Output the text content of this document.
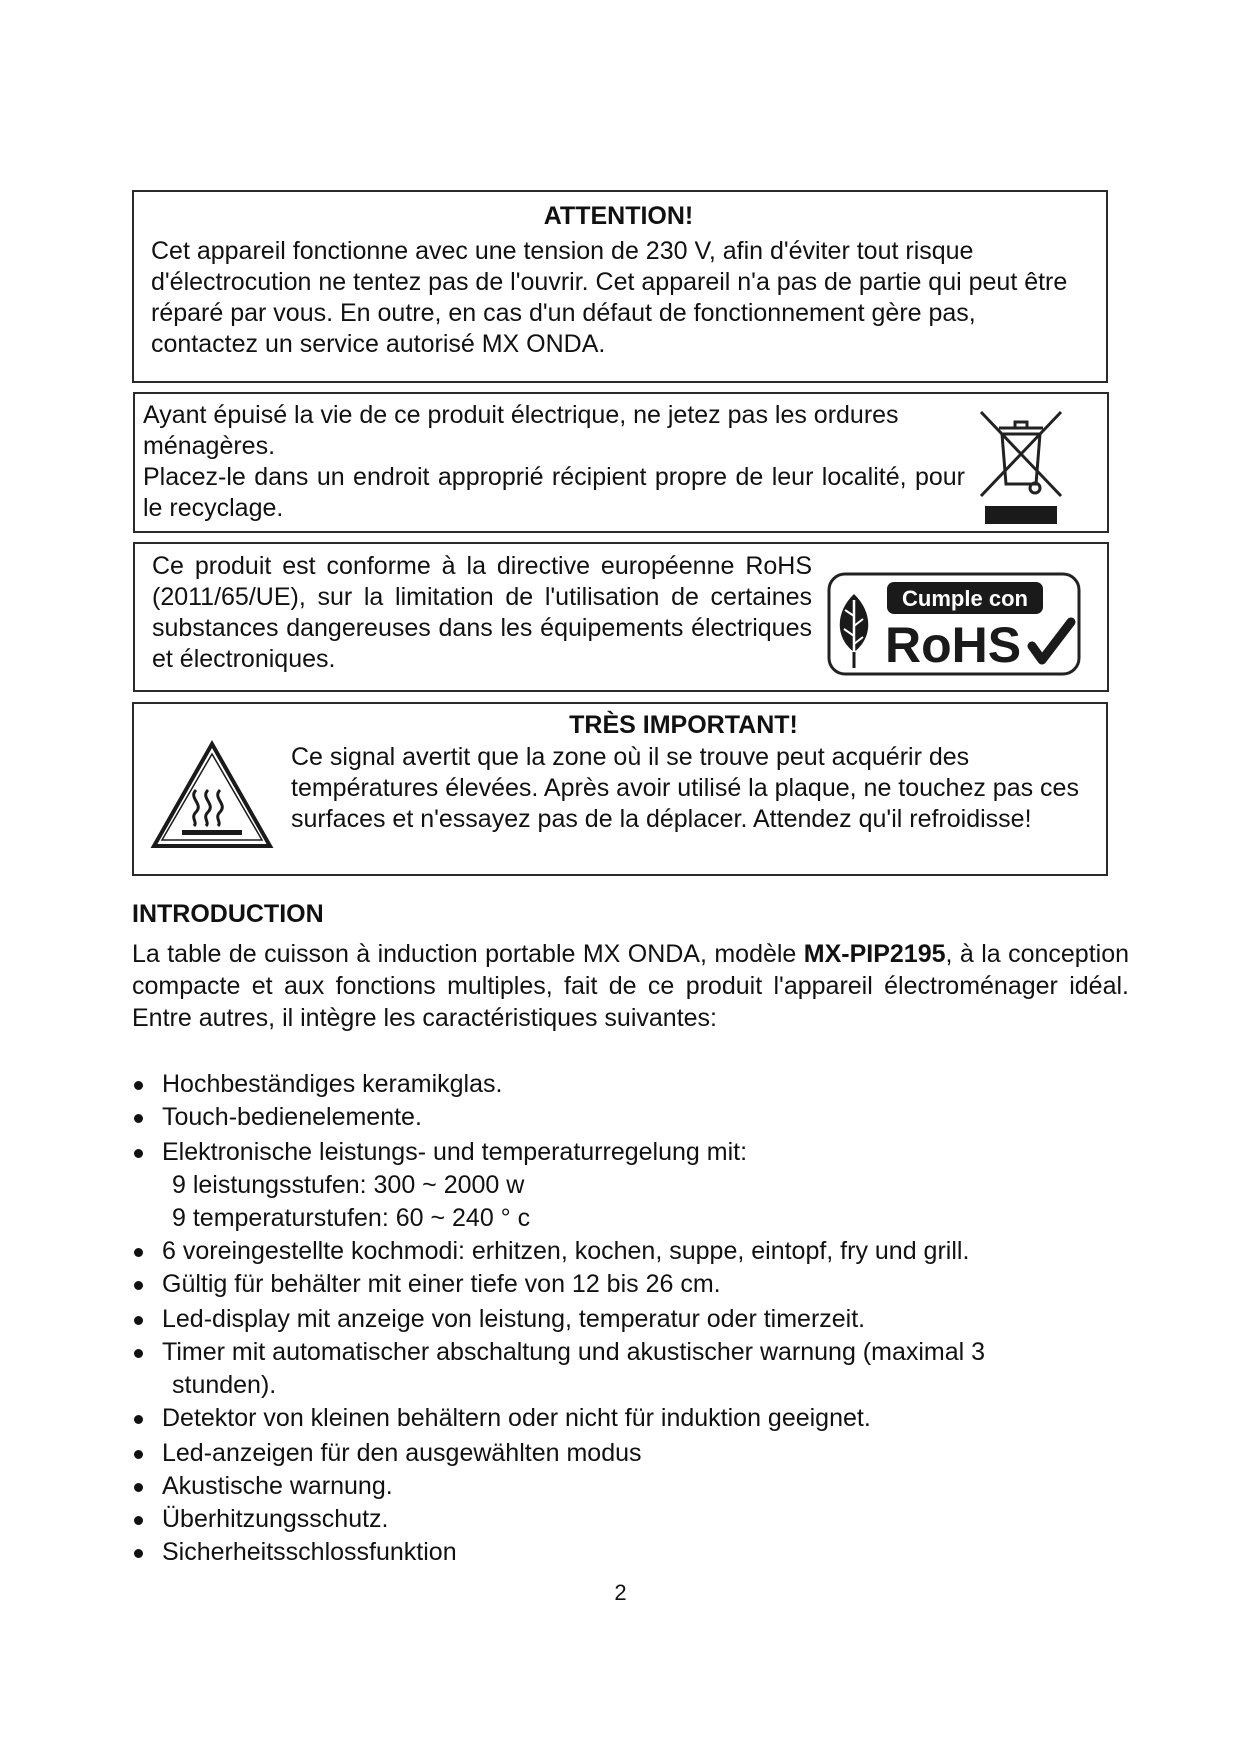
ATTENTION!

Cet appareil fonctionne avec une tension de 230 V, afin d'éviter tout risque d'électrocution ne tentez pas de l'ouvrir. Cet appareil n'a pas de partie qui peut être réparé par vous. En outre, en cas d'un défaut de fonctionnement gère pas, contactez un service autorisé MX ONDA.

Ayant épuisé la vie de ce produit électrique, ne jetez pas les ordures ménagères.

Placez-le dans un endroit approprié récipient propre de leur localité, pour le recyclage.

Ce produit est conforme à la directive européenne RoHS (2011/65/UE), sur la limitation de l'utilisation de certaines substances dangereuses dans les équipements électriques et électroniques.

Cumple con
RoHS

TRÈS IMPORTANT!

Ce signal avertit que la zone où il se trouve peut acquérir des températures élevées. Après avoir utilisé la plaque, ne touchez pas ces surfaces et n'essayez pas de la déplacer. Attendez qu'il refroidisse!

INTRODUCTION

La table de cuisson à induction portable MX ONDA, modèle MX-PIP2195, à la conception compacte et aux fonctions multiples, fait de ce produit l'appareil électroménager idéal. Entre autres, il intègre les caractéristiques suivantes:

Hochbeständiges keramikglas.
Touch-bedienelemente.
Elektronische leistungs- und temperaturregelung mit:
9 leistungsstufen: 300 ~ 2000 w
9 temperaturstufen: 60 ~ 240 ° c
6 voreingestellte kochmodi: erhitzen, kochen, suppe, eintopf, fry und grill.
Gültig für behälter mit einer tiefe von 12 bis 26 cm.
Led-display mit anzeige von leistung, temperatur oder timerzeit.
Timer mit automatischer abschaltung und akustischer warnung (maximal 3
stunden).
Detektor von kleinen behältern oder nicht für induktion geeignet.
Led-anzeigen für den ausgewählten modus
Akustische warnung.
Überhitzungsschutz.
Sicherheitsschlossfunktion
2
